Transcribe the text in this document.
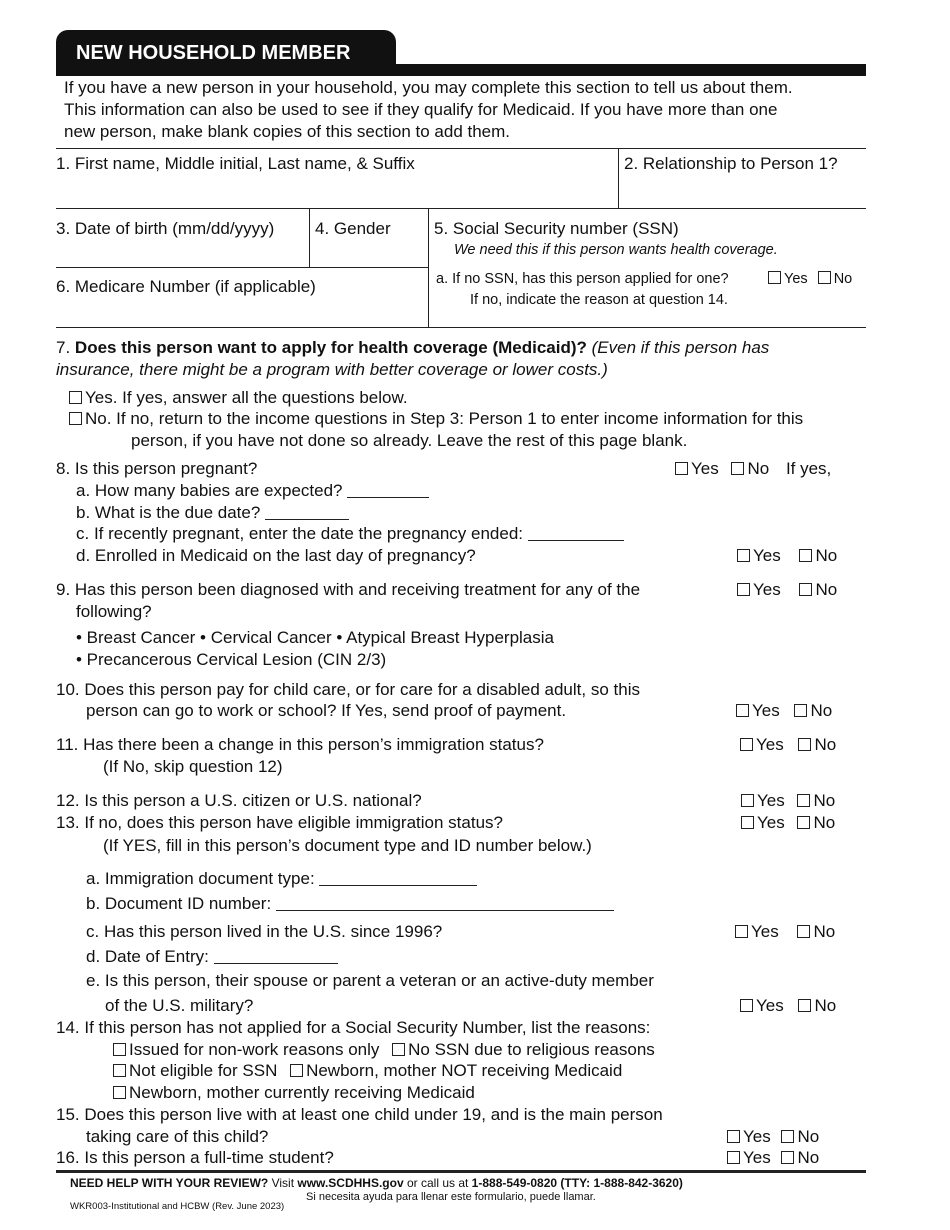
NEW HOUSEHOLD MEMBER
If you have a new person in your household, you may complete this section to tell us about them.
This information can also be used to see if they qualify for Medicaid. If you have more than one
new person, make blank copies of this section to add them.
1. First name, Middle initial, Last name, & Suffix	2. Relationship to Person 1?
3. Date of birth (mm/dd/yyyy) 4. Gender	5. Social Security number (SSN)
We need this if this person wants health coverage.
a. If no SSN, has this person applied for one?	Yes No
If no, indicate the reason at question 14.
6. Medicare Number (if applicable)
7. Does this person want to apply for health coverage (Medicaid)? (Even if this person has
insurance, there might be a program with better coverage or lower costs.)
Yes. If yes, answer all the questions below.
No. If no, return to the income questions in Step 3: Person 1 to enter income information for this
person, if you have not done so already. Leave the rest of this page blank.
8. Is this person pregnant?	Yes No If yes,
a. How many babies are expected?
b. What is the due date?
c. If recently pregnant, enter the date the pregnancy ended:
d. Enrolled in Medicaid on the last day of pregnancy?	Yes No
9. Has this person been diagnosed with and receiving treatment for any of the
following?
Yes No
• Breast Cancer • Cervical Cancer • Atypical Breast Hyperplasia
• Precancerous Cervical Lesion (CIN 2/3)
10. Does this person pay for child care, or for care for a disabled adult, so this
person can go to work or school? If Yes, send proof of payment.	Yes No
11. Has there been a change in this person’s immigration status?
(If No, skip question 12)
Yes No
12. Is this person a U.S. citizen or U.S. national?	Yes No
13. If no, does this person have eligible immigration status?	Yes No
(If YES, fill in this person’s document type and ID number below.)
a. Immigration document type:
b. Document ID number:
c. Has this person lived in the U.S. since 1996?	Yes No
d. Date of Entry:
e. Is this person, their spouse or parent a veteran or an active-duty member
of the U.S. military?	Yes No
14. If this person has not applied for a Social Security Number, list the reasons:
Issued for non-work reasons only No SSN due to religious reasons
Not eligible for SSN Newborn, mother NOT receiving Medicaid
Newborn, mother currently receiving Medicaid
15. Does this person live with at least one child under 19, and is the main person
taking care of this child?	Yes No
16. Is this person a full-time student?	Yes No
NEED HELP WITH YOUR REVIEW? Visit www.SCDHHS.gov or call us at 1-888-549-0820 (TTY: 1-888-842-3620)
Si necesita ayuda para llenar este formulario, puede llamar.
WKR003-Institutional and HCBW (Rev. June 2023)
